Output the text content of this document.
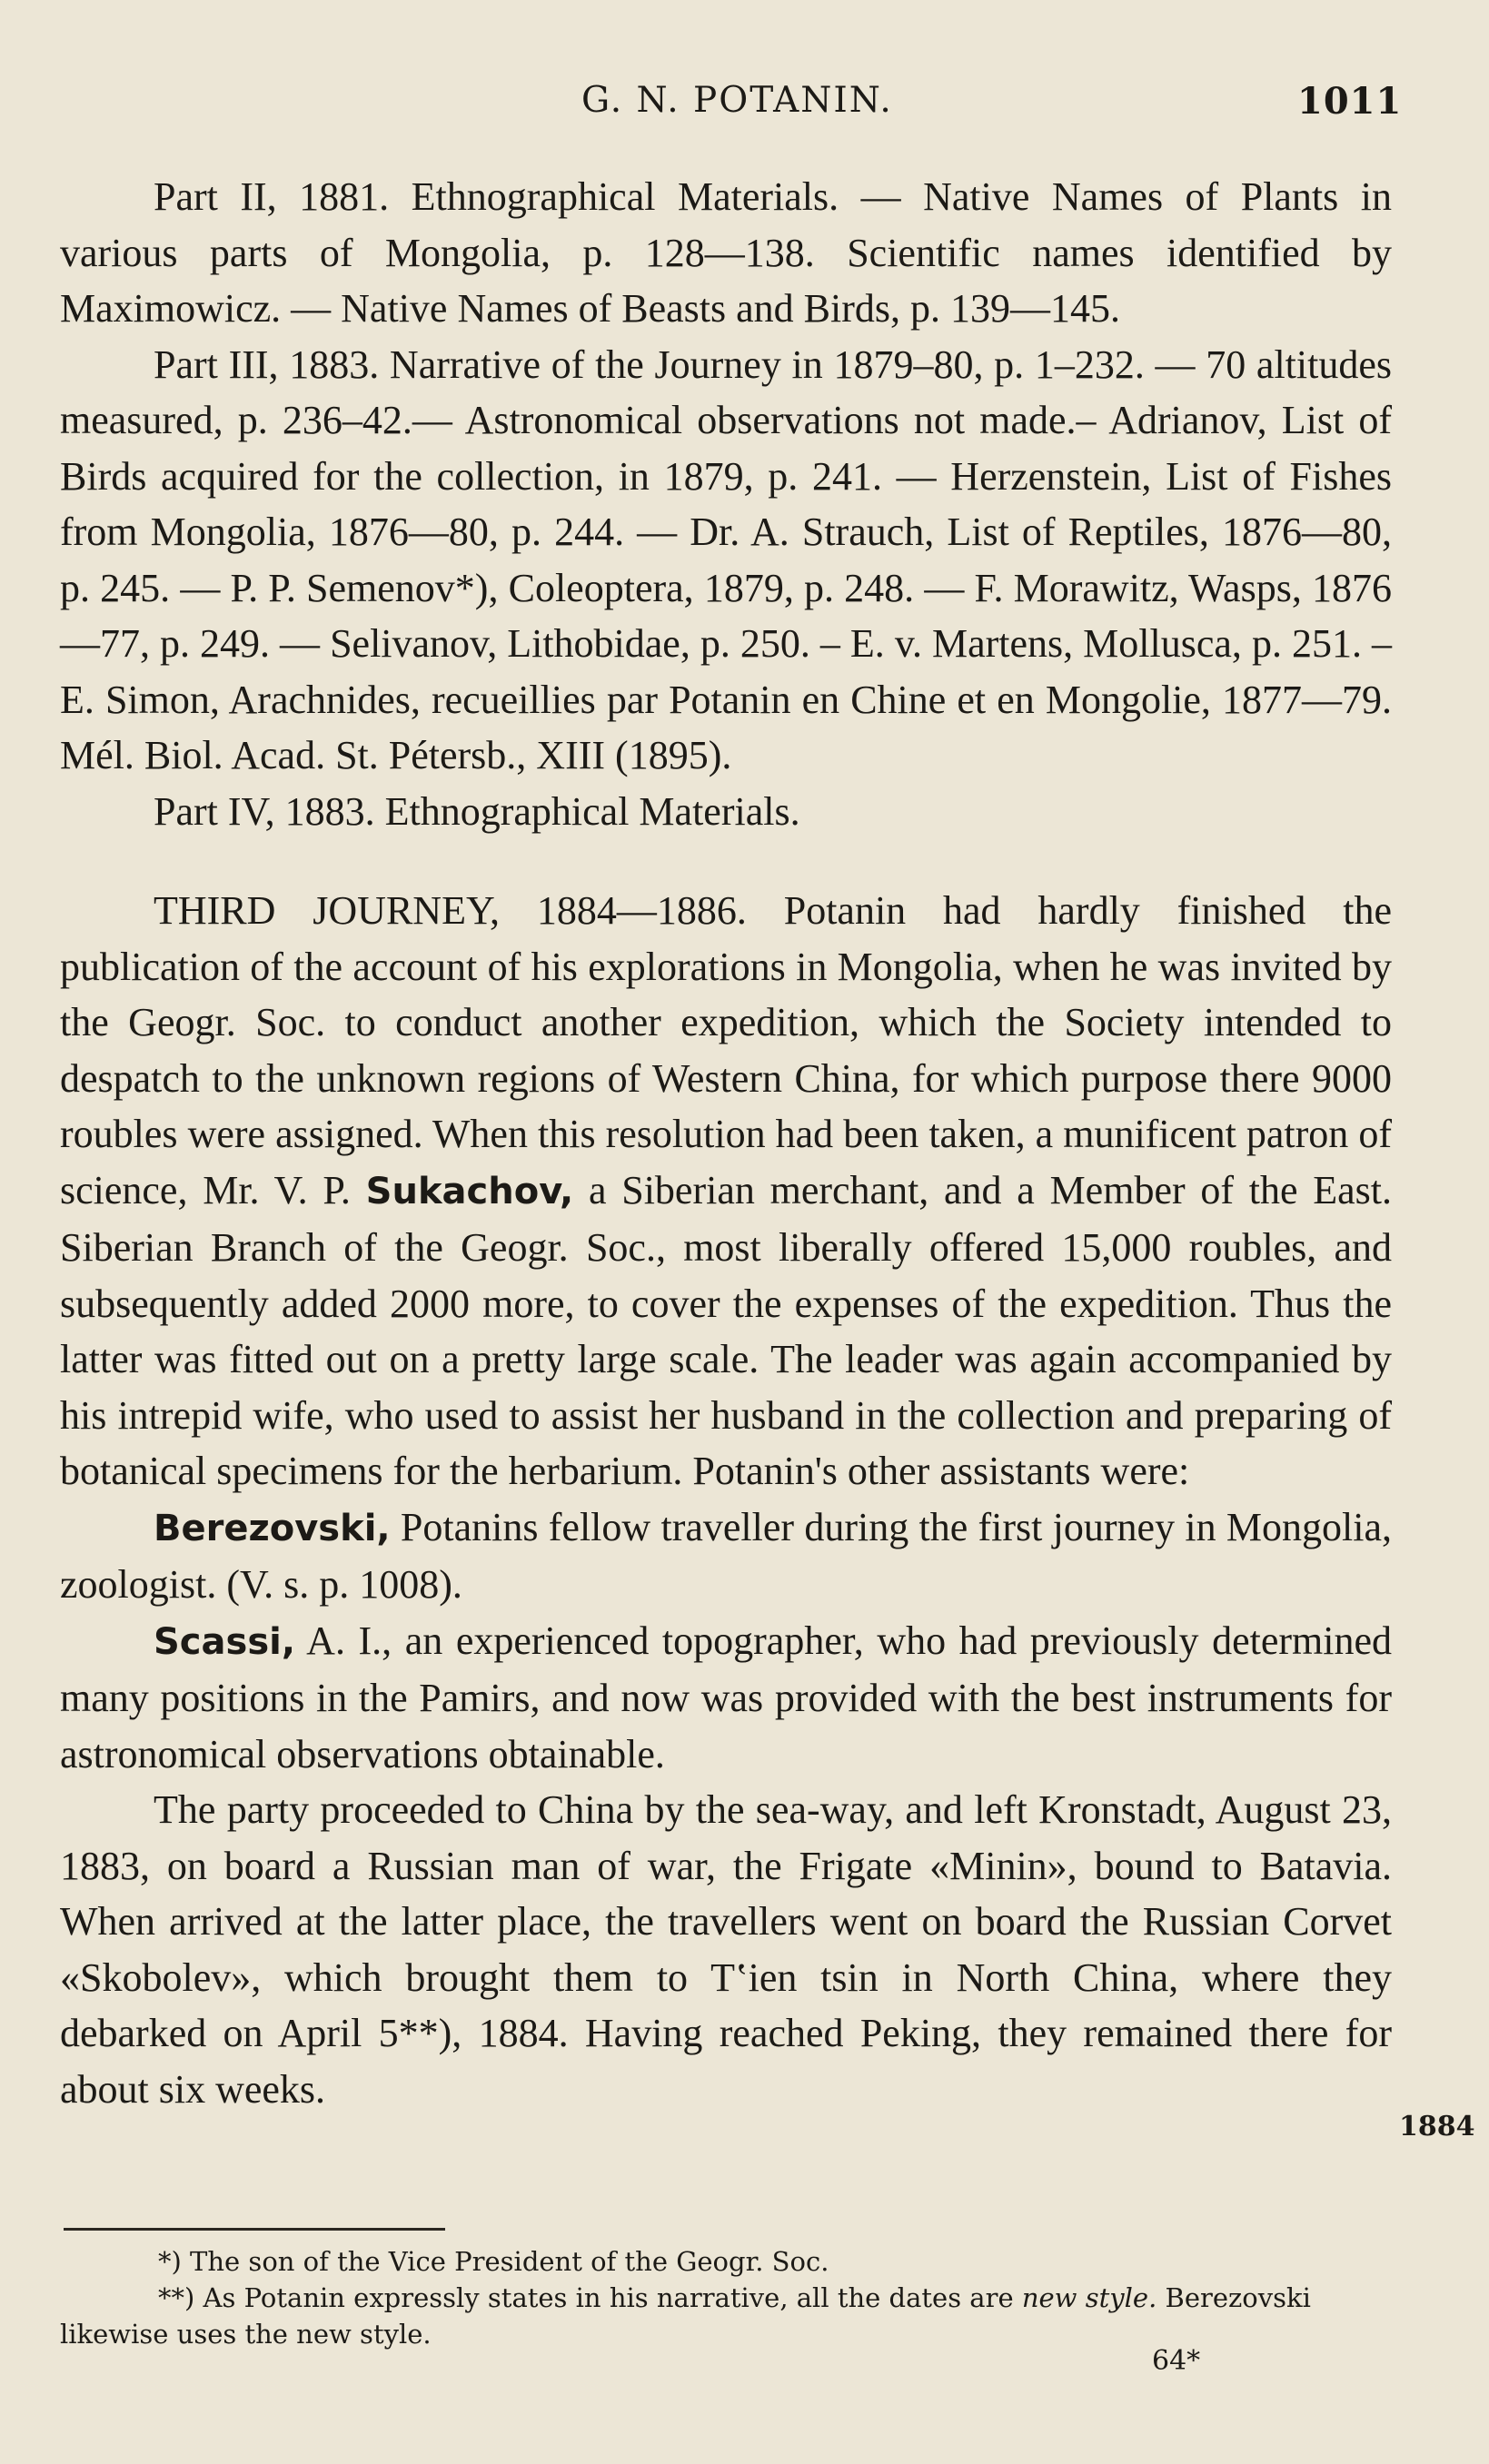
G. N. POTANIN.	1011

Part II, 1881. Ethnographical Materials. — Native Names of Plants in various parts of Mongolia, p. 128—138. Scientific names identified by Maximowicz. — Native Names of Beasts and Birds, p. 139—145.

Part III, 1883. Narrative of the Journey in 1879–80, p. 1–232. — 70 altitudes measured, p. 236–42.— Astronomical observations not made.– Adrianov, List of Birds acquired for the collection, in 1879, p. 241. — Herzenstein, List of Fishes from Mongolia, 1876—80, p. 244. — Dr. A. Strauch, List of Reptiles, 1876—80, p. 245. — P. P. Semenov*), Coleoptera, 1879, p. 248. — F. Morawitz, Wasps, 1876—77, p. 249. — Selivanov, Lithobidae, p. 250. – E. v. Martens, Mollusca, p. 251. – E. Simon, Arachnides, recueillies par Potanin en Chine et en Mongolie, 1877—79. Mél. Biol. Acad. St. Pétersb., XIII (1895).

Part IV, 1883. Ethnographical Materials.

THIRD JOURNEY, 1884—1886. Potanin had hardly finished the publication of the account of his explorations in Mongolia, when he was invited by the Geogr. Soc. to conduct another expedition, which the Society intended to despatch to the unknown regions of Western China, for which purpose there 9000 roubles were assigned. When this resolution had been taken, a munificent patron of science, Mr. V. P. Sukachov, a Siberian merchant, and a Member of the East. Siberian Branch of the Geogr. Soc., most liberally offered 15,000 roubles, and subsequently added 2000 more, to cover the expenses of the expedition. Thus the latter was fitted out on a pretty large scale. The leader was again accompanied by his intrepid wife, who used to assist her husband in the collection and preparing of botanical specimens for the herbarium. Potanin's other assistants were:

Berezovski, Potanins fellow traveller during the first journey in Mongolia, zoologist. (V. s. p. 1008).

Scassi, A. I., an experienced topographer, who had previously determined many positions in the Pamirs, and now was provided with the best instruments for astronomical observations obtainable.

The party proceeded to China by the sea-way, and left Kronstadt, August 23, 1883, on board a Russian man of war, the Frigate «Minin», bound to Batavia. When arrived at the latter place, the travellers went on board the Russian Corvet «Skobolev», which brought them to Tʽien tsin in North China, where they debarked on April 5**), 1884. Having reached Peking, they remained there for about six weeks.

1884

*) The son of the Vice President of the Geogr. Soc.

**) As Potanin expressly states in his narrative, all the dates are new style. Berezovski likewise uses the new style.

64*
